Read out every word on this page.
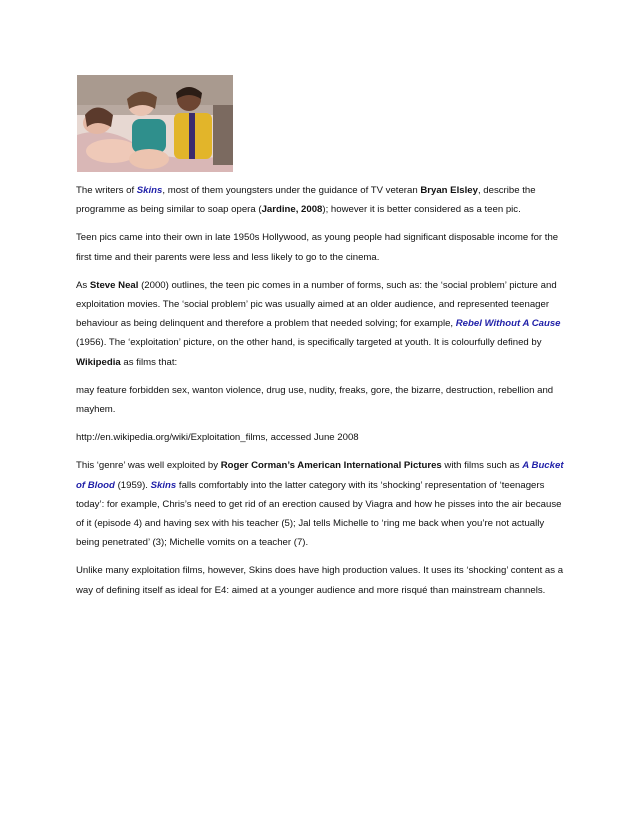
The writers of Skins, most of them youngsters under the guidance of TV veteran Bryan Elsley, describe the programme as being similar to soap opera (Jardine, 2008); however it is better considered as a teen pic.

Teen pics came into their own in late 1950s Hollywood, as young people had significant disposable income for the first time and their parents were less and less likely to go to the cinema.

As Steve Neal (2000) outlines, the teen pic comes in a number of forms, such as: the ‘social problem’ picture and exploitation movies. The ‘social problem’ pic was usually aimed at an older audience, and represented teenager behaviour as being delinquent and therefore a problem that needed solving; for example, Rebel Without A Cause (1956). The ‘exploitation’ picture, on the other hand, is specifically targeted at youth. It is colourfully defined by Wikipedia as films that:

may feature forbidden sex, wanton violence, drug use, nudity, freaks, gore, the bizarre, destruction, rebellion and mayhem.

http://en.wikipedia.org/wiki/Exploitation_films, accessed June 2008

This ‘genre’ was well exploited by Roger Corman’s American International Pictures with films such as A Bucket of Blood (1959). Skins falls comfortably into the latter category with its ‘shocking’ representation of ‘teenagers today’: for example, Chris’s need to get rid of an erection caused by Viagra and how he pisses into the air because of it (episode 4) and having sex with his teacher (5); Jal tells Michelle to ‘ring me back when you’re not actually being penetrated’ (3); Michelle vomits on a teacher (7).

Unlike many exploitation films, however, Skins does have high production values. It uses its ‘shocking’ content as a way of defining itself as ideal for E4: aimed at a younger audience and more risqué than mainstream channels.
